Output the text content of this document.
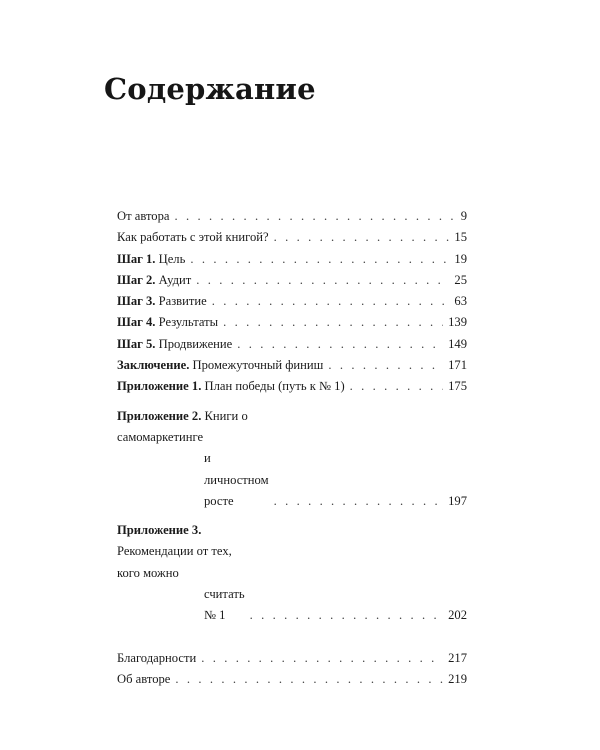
Содержание
От автора . . .	9
Как работать с этой книгой? . . .	15
Шаг 1. Цель . . .	19
Шаг 2. Аудит . . .	25
Шаг 3. Развитие . . .	63
Шаг 4. Результаты . . .	139
Шаг 5. Продвижение . . .	149
Заключение. Промежуточный финиш . . .	171
Приложение 1. План победы (путь к № 1) . . .	175
Приложение 2. Книги о самомаркетинге
и личностном росте . . .	197
Приложение 3. Рекомендации от тех, кого можно
считать № 1 . . .	202
Благодарности . . .	217
Об авторе . . .	219
